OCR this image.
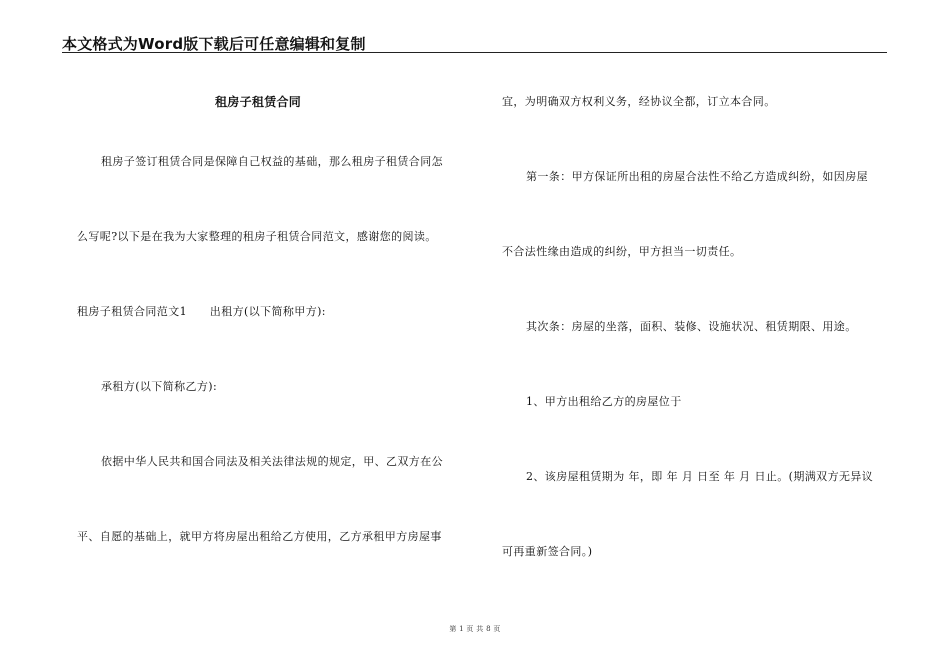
本文格式为Word版下载后可任意编辑和复制
租房子租赁合同
租房子签订租赁合同是保障自己权益的基础，那么租房子租赁合同怎
么写呢?以下是在我为大家整理的租房子租赁合同范文，感谢您的阅读。
租房子租赁合同范文1　　出租方(以下简称甲方):
承租方(以下简称乙方):
依据中华人民共和国合同法及相关法律法规的规定，甲、乙双方在公
平、自愿的基础上，就甲方将房屋出租给乙方使用，乙方承租甲方房屋事
宜，为明确双方权利义务，经协议全都，订立本合同。
第一条：甲方保证所出租的房屋合法性不给乙方造成纠纷，如因房屋
不合法性缘由造成的纠纷，甲方担当一切责任。
其次条：房屋的坐落，面积、装修、设施状况、租赁期限、用途。
1、甲方出租给乙方的房屋位于
2、该房屋租赁期为 年，即 年 月 日至 年 月 日止。(期满双方无异议
可再重新签合同。)
第 1 页 共 8 页
